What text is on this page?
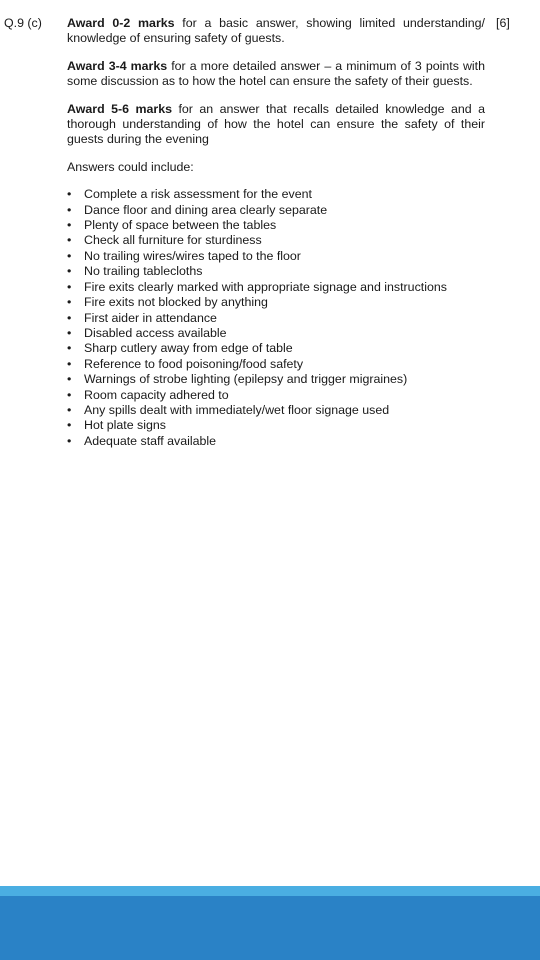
Q.9 (c)	[6]

Award 0-2 marks for a basic answer, showing limited understanding/ knowledge of ensuring safety of guests.

Award 3-4 marks for a more detailed answer – a minimum of 3 points with some discussion as to how the hotel can ensure the safety of their guests.

Award 5-6 marks for an answer that recalls detailed knowledge and a thorough understanding of how the hotel can ensure the safety of their guests during the evening

Answers could include:
• Complete a risk assessment for the event
• Dance floor and dining area clearly separate
• Plenty of space between the tables
• Check all furniture for sturdiness
• No trailing wires/wires taped to the floor
• No trailing tablecloths
• Fire exits clearly marked with appropriate signage and instructions
• Fire exits not blocked by anything
• First aider in attendance
• Disabled access available
• Sharp cutlery away from edge of table
• Reference to food poisoning/food safety
• Warnings of strobe lighting (epilepsy and trigger migraines)
• Room capacity adhered to
• Any spills dealt with immediately/wet floor signage used
• Hot plate signs
• Adequate staff available
